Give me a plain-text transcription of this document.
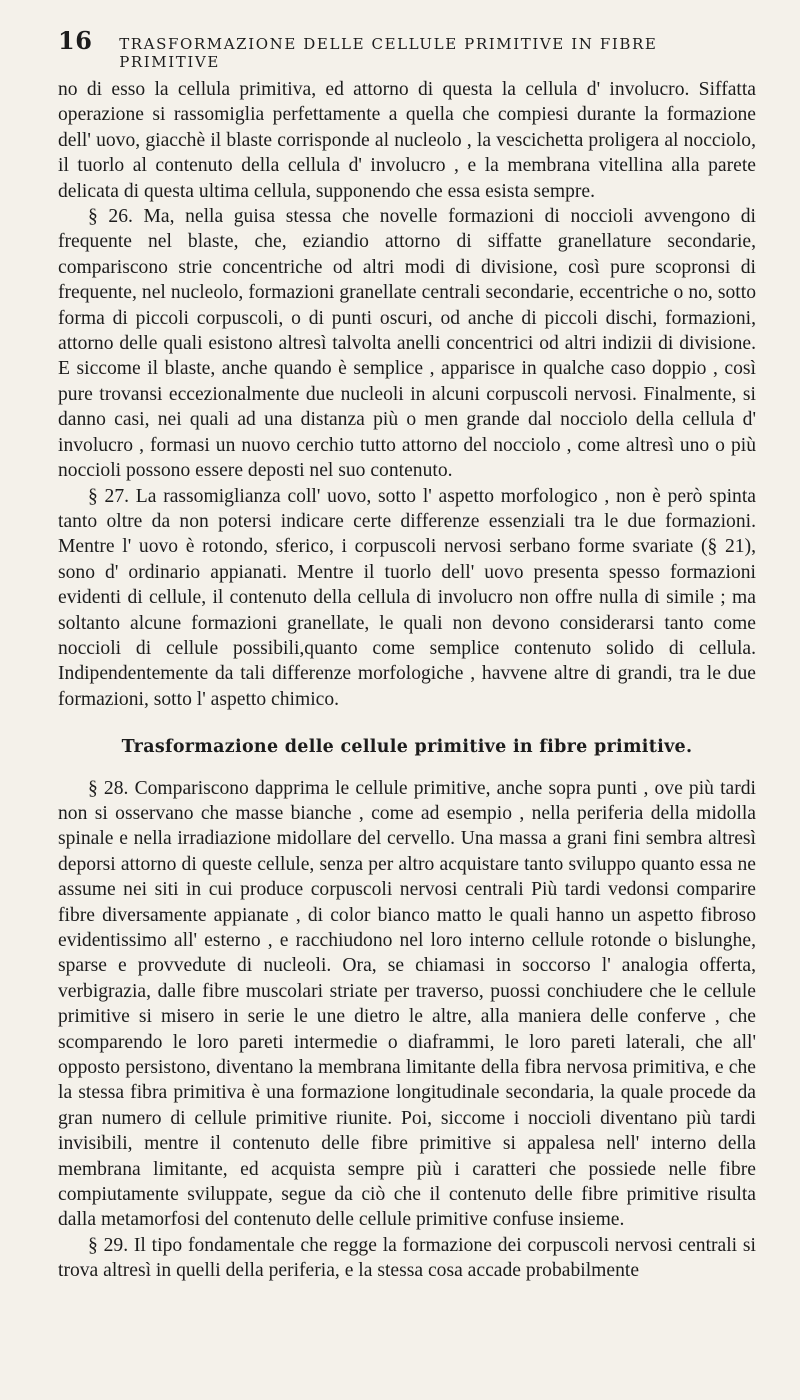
16	TRASFORMAZIONE DELLE CELLULE PRIMITIVE IN FIBRE PRIMITIVE

no di esso la cellula primitiva, ed attorno di questa la cellula d' involucro. Siffatta operazione si rassomiglia perfettamente a quella che compiesi durante la formazione dell' uovo, giacchè il blaste corrisponde al nucleolo , la vescichetta proligera al nocciolo, il tuorlo al contenuto della cellula d' involucro , e la membrana vitellina alla parete delicata di questa ultima cellula, supponendo che essa esista sempre.

§ 26. Ma, nella guisa stessa che novelle formazioni di noccioli avvengono di frequente nel blaste, che, eziandio attorno di siffatte granellature secondarie, compariscono strie concentriche od altri modi di divisione, così pure scopronsi di frequente, nel nucleolo, formazioni granellate centrali secondarie, eccentriche o no, sotto forma di piccoli corpuscoli, o di punti oscuri, od anche di piccoli dischi, formazioni, attorno delle quali esistono altresì talvolta anelli concentrici od altri indizii di divisione. E siccome il blaste, anche quando è semplice , apparisce in qualche caso doppio , così pure trovansi eccezionalmente due nucleoli in alcuni corpuscoli nervosi. Finalmente, si danno casi, nei quali ad una distanza più o men grande dal nocciolo della cellula d' involucro , formasi un nuovo cerchio tutto attorno del nocciolo , come altresì uno o più noccioli possono essere deposti nel suo contenuto.

§ 27. La rassomiglianza coll' uovo, sotto l' aspetto morfologico , non è però spinta tanto oltre da non potersi indicare certe differenze essenziali tra le due formazioni. Mentre l' uovo è rotondo, sferico, i corpuscoli nervosi serbano forme svariate (§ 21), sono d' ordinario appianati. Mentre il tuorlo dell' uovo presenta spesso formazioni evidenti di cellule, il contenuto della cellula di involucro non offre nulla di simile ; ma soltanto alcune formazioni granellate, le quali non devono considerarsi tanto come noccioli di cellule possibili,quanto come semplice contenuto solido di cellula. Indipendentemente da tali differenze morfologiche , havvene altre di grandi, tra le due formazioni, sotto l' aspetto chimico.

Trasformazione delle cellule primitive in fibre primitive.

§ 28. Compariscono dapprima le cellule primitive, anche sopra punti , ove più tardi non si osservano che masse bianche , come ad esempio , nella periferia della midolla spinale e nella irradiazione midollare del cervello. Una massa a grani fini sembra altresì deporsi attorno di queste cellule, senza per altro acquistare tanto sviluppo quanto essa ne assume nei siti in cui produce corpuscoli nervosi centrali Più tardi vedonsi comparire fibre diversamente appianate , di color bianco matto le quali hanno un aspetto fibroso evidentissimo all' esterno , e racchiudono nel loro interno cellule rotonde o bislunghe, sparse e provvedute di nucleoli. Ora, se chiamasi in soccorso l' analogia offerta, verbigrazia, dalle fibre muscolari striate per traverso, puossi conchiudere che le cellule primitive si misero in serie le une dietro le altre, alla maniera delle conferve , che scomparendo le loro pareti intermedie o diaframmi, le loro pareti laterali, che all' opposto persistono, diventano la membrana limitante della fibra nervosa primitiva, e che la stessa fibra primitiva è una formazione longitudinale secondaria, la quale procede da gran numero di cellule primitive riunite. Poi, siccome i noccioli diventano più tardi invisibili, mentre il contenuto delle fibre primitive si appalesa nell' interno della membrana limitante, ed acquista sempre più i caratteri che possiede nelle fibre compiutamente sviluppate, segue da ciò che il contenuto delle fibre primitive risulta dalla metamorfosi del contenuto delle cellule primitive confuse insieme.

§ 29. Il tipo fondamentale che regge la formazione dei corpuscoli nervosi centrali si trova altresì in quelli della periferia, e la stessa cosa accade probabilmente
